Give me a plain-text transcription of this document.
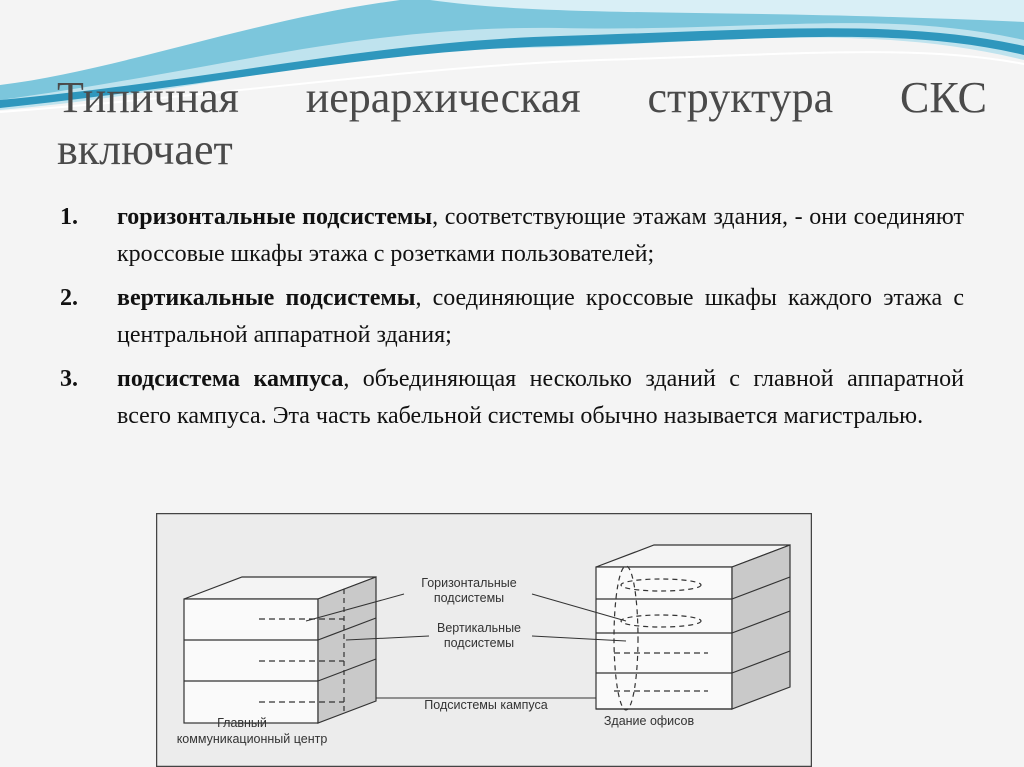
Типичная иерархическая структура СКС включает
1. горизонтальные подсистемы, соответствующие этажам здания, - они соединяют кроссовые шкафы этажа с розетками пользователей;
2. вертикальные подсистемы, соединяющие кроссовые шкафы каждого этажа с центральной аппаратной здания;
3. подсистема кампуса, объединяющая несколько зданий с главной аппаратной всего кампуса. Эта часть кабельной системы обычно называется магистралью.
Горизонтальные
подсистемы
Вертикальные
подсистемы
Подсистемы кампуса
Главный
коммуникационный центр
Здание офисов
